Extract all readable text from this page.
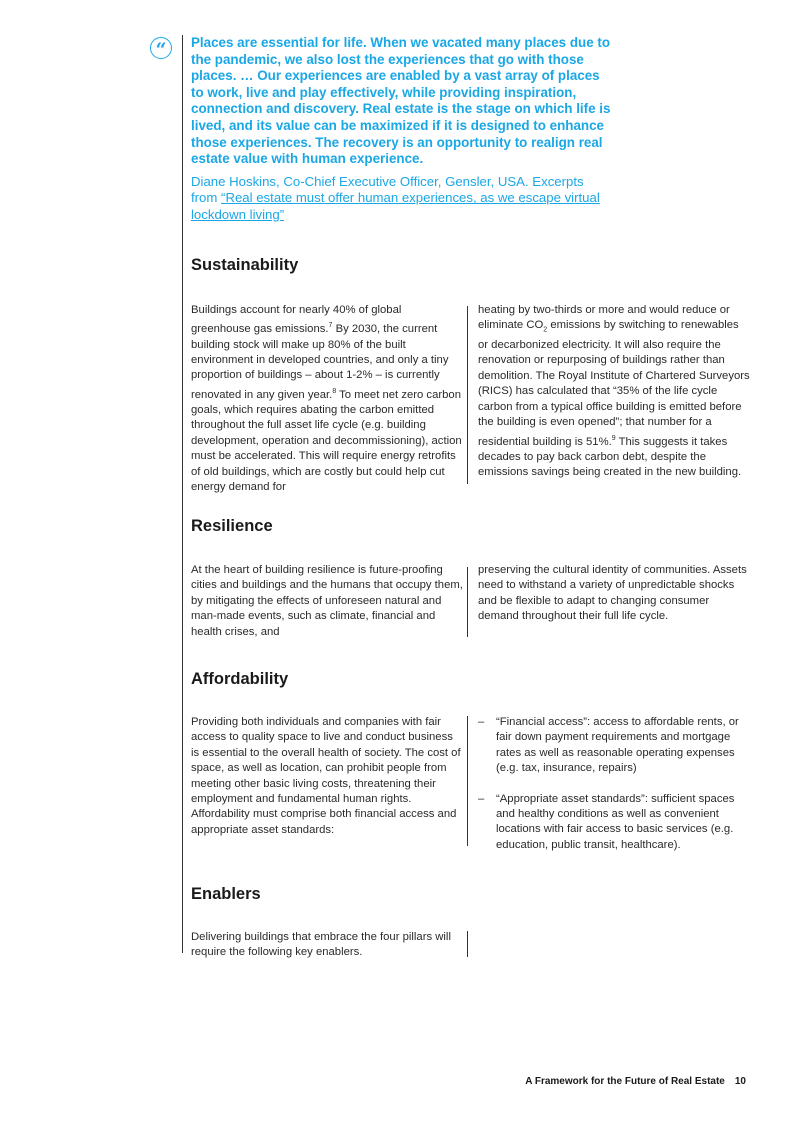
“	Places are essential for life. When we vacated many places due to the pandemic, we also lost the experiences that go with those places. … Our experiences are enabled by a vast array of places to work, live and play effectively, while providing inspiration, connection and discovery. Real estate is the stage on which life is lived, and its value can be maximized if it is designed to enhance those experiences. The recovery is an opportunity to realign real estate value with human experience.

Diane Hoskins, Co-Chief Executive Officer, Gensler, USA. Excerpts from “Real estate must offer human experiences, as we escape virtual lockdown living”

Sustainability

Buildings account for nearly 40% of global greenhouse gas emissions.$^7$ By 2030, the current building stock will make up 80% of the built environment in developed countries, and only a tiny proportion of buildings – about 1-2% – is currently renovated in any given year.$^8$ To meet net zero carbon goals, which requires abating the carbon emitted throughout the full asset life cycle (e.g. building development, operation and decommissioning), action must be accelerated. This will require energy retrofits of old buildings, which are costly but could help cut energy demand for

heating by two-thirds or more and would reduce or eliminate $CO_2$ emissions by switching to renewables or decarbonized electricity. It will also require the renovation or repurposing of buildings rather than demolition. The Royal Institute of Chartered Surveyors (RICS) has calculated that “35% of the life cycle carbon from a typical office building is emitted before the building is even opened”; that number for a residential building is 51%.$^9$ This suggests it takes decades to pay back carbon debt, despite the emissions savings being created in the new building.

Resilience

At the heart of building resilience is future-proofing cities and buildings and the humans that occupy them, by mitigating the effects of unforeseen natural and man-made events, such as climate, financial and health crises, and

preserving the cultural identity of communities. Assets need to withstand a variety of unpredictable shocks and be flexible to adapt to changing consumer demand throughout their full life cycle.

Affordability

Providing both individuals and companies with fair access to quality space to live and conduct business is essential to the overall health of society. The cost of space, as well as location, can prohibit people from meeting other basic living costs, threatening their employment and fundamental human rights. Affordability must comprise both financial access and appropriate asset standards:

– “Financial access”: access to affordable rents, or fair down payment requirements and mortgage rates as well as reasonable operating expenses (e.g. tax, insurance, repairs)
– “Appropriate asset standards”: sufficient spaces and healthy conditions as well as convenient locations with fair access to basic services (e.g. education, public transit, healthcare).
Enablers

Delivering buildings that embrace the four pillars will require the following key enablers.

A Framework for the Future of Real Estate 10
